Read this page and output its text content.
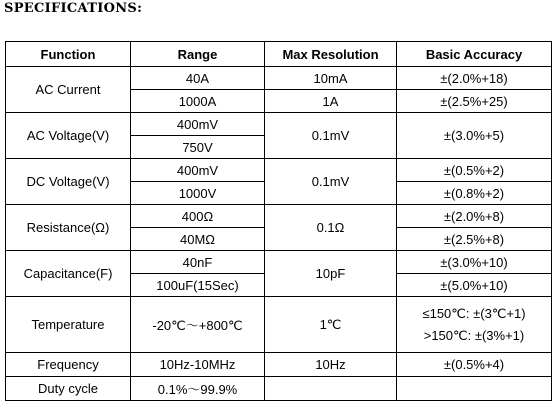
SPECIFICATIONS:
Function	Range	Max Resolution	Basic Accuracy
AC Current	40A	10mA	±(2.0%+18)
	1000A	1A	±(2.5%+25)
AC Voltage(V)	400mV	0.1mV	±(3.0%+5)
	750V		
DC Voltage(V)	400mV	0.1mV	±(0.5%+2)
	1000V		±(0.8%+2)
Resistance(Ω)	400Ω	0.1Ω	±(2.0%+8)
	40MΩ		±(2.5%+8)
Capacitance(F)	40nF	10pF	±(3.0%+10)
	100uF(15Sec)		±(5.0%+10)
Temperature	-20℃～+800℃	1℃	≤150℃: ±(3℃+1)
>150℃: ±(3%+1)

Frequency	10Hz-10MHz	10Hz	±(0.5%+4)
Duty cycle	0.1%～99.9%		
